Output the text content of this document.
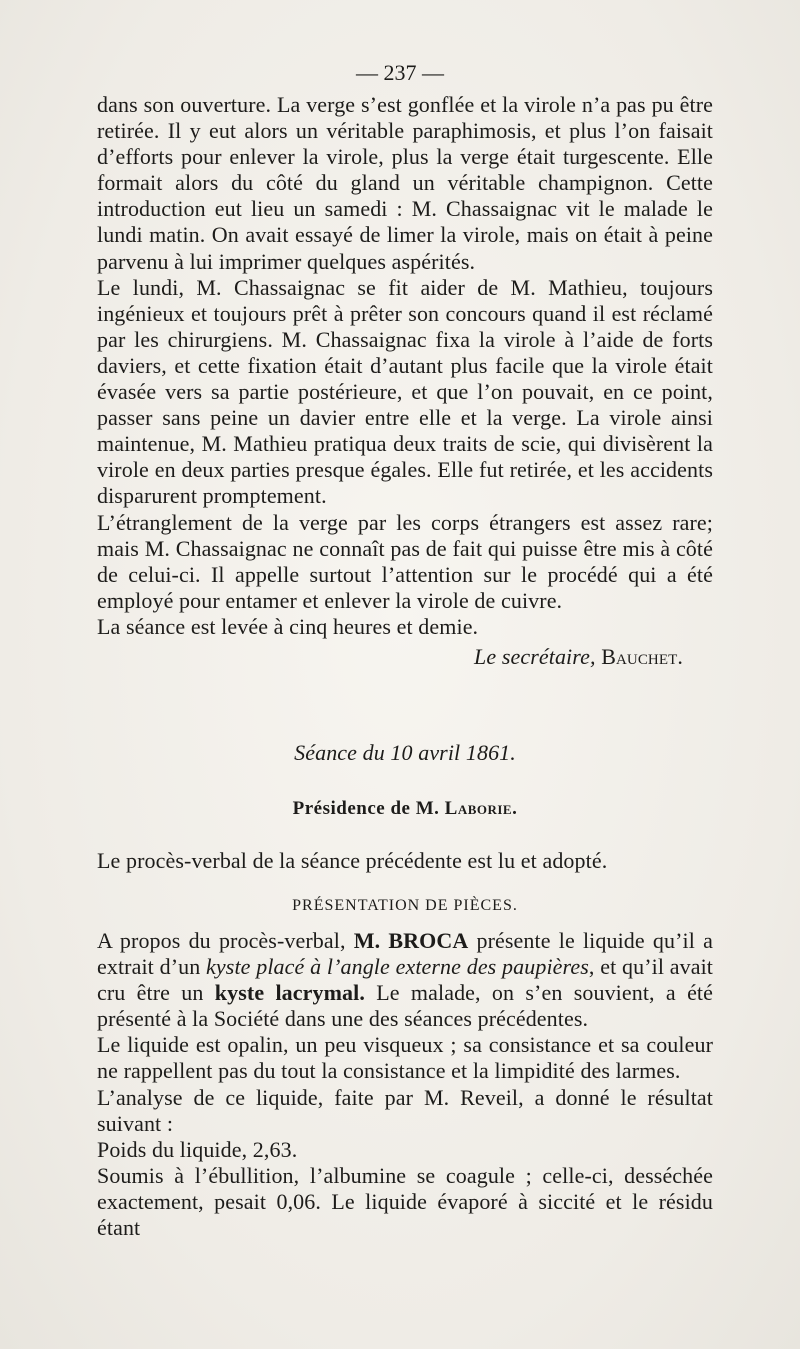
— 237 —

dans son ouverture. La verge s’est gonflée et la virole n’a pas pu être retirée. Il y eut alors un véritable paraphimosis, et plus l’on faisait d’efforts pour enlever la virole, plus la verge était turgescente. Elle formait alors du côté du gland un véritable champignon. Cette introduction eut lieu un samedi : M. Chassaignac vit le malade le lundi matin. On avait essayé de limer la virole, mais on était à peine parvenu à lui imprimer quelques aspérités.

Le lundi, M. Chassaignac se fit aider de M. Mathieu, toujours ingénieux et toujours prêt à prêter son concours quand il est réclamé par les chirurgiens. M. Chassaignac fixa la virole à l’aide de forts daviers, et cette fixation était d’autant plus facile que la virole était évasée vers sa partie postérieure, et que l’on pouvait, en ce point, passer sans peine un davier entre elle et la verge. La virole ainsi maintenue, M. Mathieu pratiqua deux traits de scie, qui divisèrent la virole en deux parties presque égales. Elle fut retirée, et les accidents disparurent promptement.

L’étranglement de la verge par les corps étrangers est assez rare; mais M. Chassaignac ne connaît pas de fait qui puisse être mis à côté de celui-ci. Il appelle surtout l’attention sur le procédé qui a été employé pour entamer et enlever la virole de cuivre.

La séance est levée à cinq heures et demie.

Le secrétaire, Bauchet.

Séance du 10 avril 1861.

Présidence de M. Laborie.

Le procès-verbal de la séance précédente est lu et adopté.

PRÉSENTATION DE PIÈCES.

A propos du procès-verbal, M. BROCA présente le liquide qu’il a extrait d’un kyste placé à l’angle externe des paupières, et qu’il avait cru être un kyste lacrymal. Le malade, on s’en souvient, a été présenté à la Société dans une des séances précédentes.

Le liquide est opalin, un peu visqueux ; sa consistance et sa couleur ne rappellent pas du tout la consistance et la limpidité des larmes.

L’analyse de ce liquide, faite par M. Reveil, a donné le résultat suivant :

Poids du liquide, 2,63.

Soumis à l’ébullition, l’albumine se coagule ; celle-ci, desséchée exactement, pesait 0,06. Le liquide évaporé à siccité et le résidu étant
